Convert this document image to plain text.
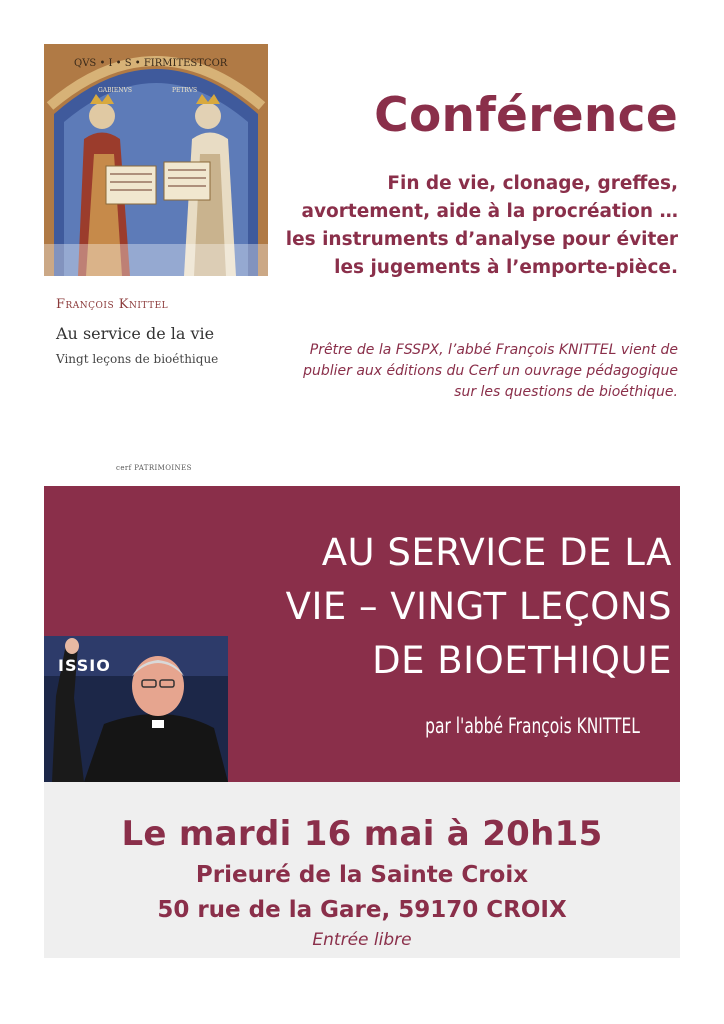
QVS • I • S • FIRMITESTCOR
GABIENVS	PETRVS
François Knittel
Au service de la vie
Vingt leçons de bioéthique
cerf PATRIMOINES
Conférence
Fin de vie, clonage, greffes, avortement, aide à la procréation … les instruments d’analyse pour éviter les jugements à l’emporte-pièce.
Prêtre de la FSSPX, l’abbé François KNITTEL vient de publier aux éditions du Cerf un ouvrage pédagogique sur les questions de bioéthique.
AU SERVICE DE LA
VIE – VINGT LEÇONS
DE BIOETHIQUE
par l'abbé François KNITTEL
ISSIO
Le mardi 16 mai à 20h15
Prieuré de la Sainte Croix
50 rue de la Gare, 59170 CROIX
Entrée libre
